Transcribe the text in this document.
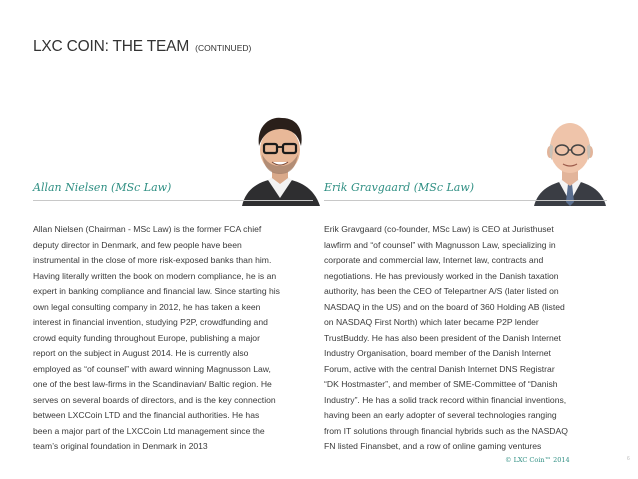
LXC COIN: THE TEAM (CONTINUED)
Allan Nielsen (MSc Law)	Erik Gravgaard (MSc Law)
Allan Nielsen (Chairman - MSc Law) is the former FCA chief
deputy director in Denmark, and few people have been
instrumental in the close of more risk-exposed banks than him.
Having literally written the book on modern compliance, he is an
expert in banking compliance and financial law. Since starting his
own legal consulting company in 2012, he has taken a keen
interest in financial invention, studying P2P, crowdfunding and
crowd equity funding throughout Europe, publishing a major
report on the subject in August 2014. He is currently also
employed as “of counsel” with award winning Magnusson Law,
one of the best law-firms in the Scandinavian/ Baltic region. He
serves on several boards of directors, and is the key connection
between LXCCoin LTD and the financial authorities. He has
been a major part of the LXCCoin Ltd management since the
team’s original foundation in Denmark in 2013
Erik Gravgaard (co-founder, MSc Law) is CEO at Juristhuset
lawfirm and “of counsel” with Magnusson Law, specializing in
corporate and commercial law, Internet law, contracts and
negotiations. He has previously worked in the Danish taxation
authority, has been the CEO of Telepartner A/S (later listed on
NASDAQ in the US) and on the board of 360 Holding AB (listed
on NASDAQ First North) which later became P2P lender
TrustBuddy. He has also been president of the Danish Internet
Industry Organisation, board member of the Danish Internet
Forum, active with the central Danish Internet DNS Registrar
“DK Hostmaster”, and member of SME-Committee of “Danish
Industry”. He has a solid track record within financial inventions,
having been an early adopter of several technologies ranging
from IT solutions through financial hybrids such as the NASDAQ
FN listed Finansbet, and a row of online gaming ventures
© LXC Coin™ 2014	6
